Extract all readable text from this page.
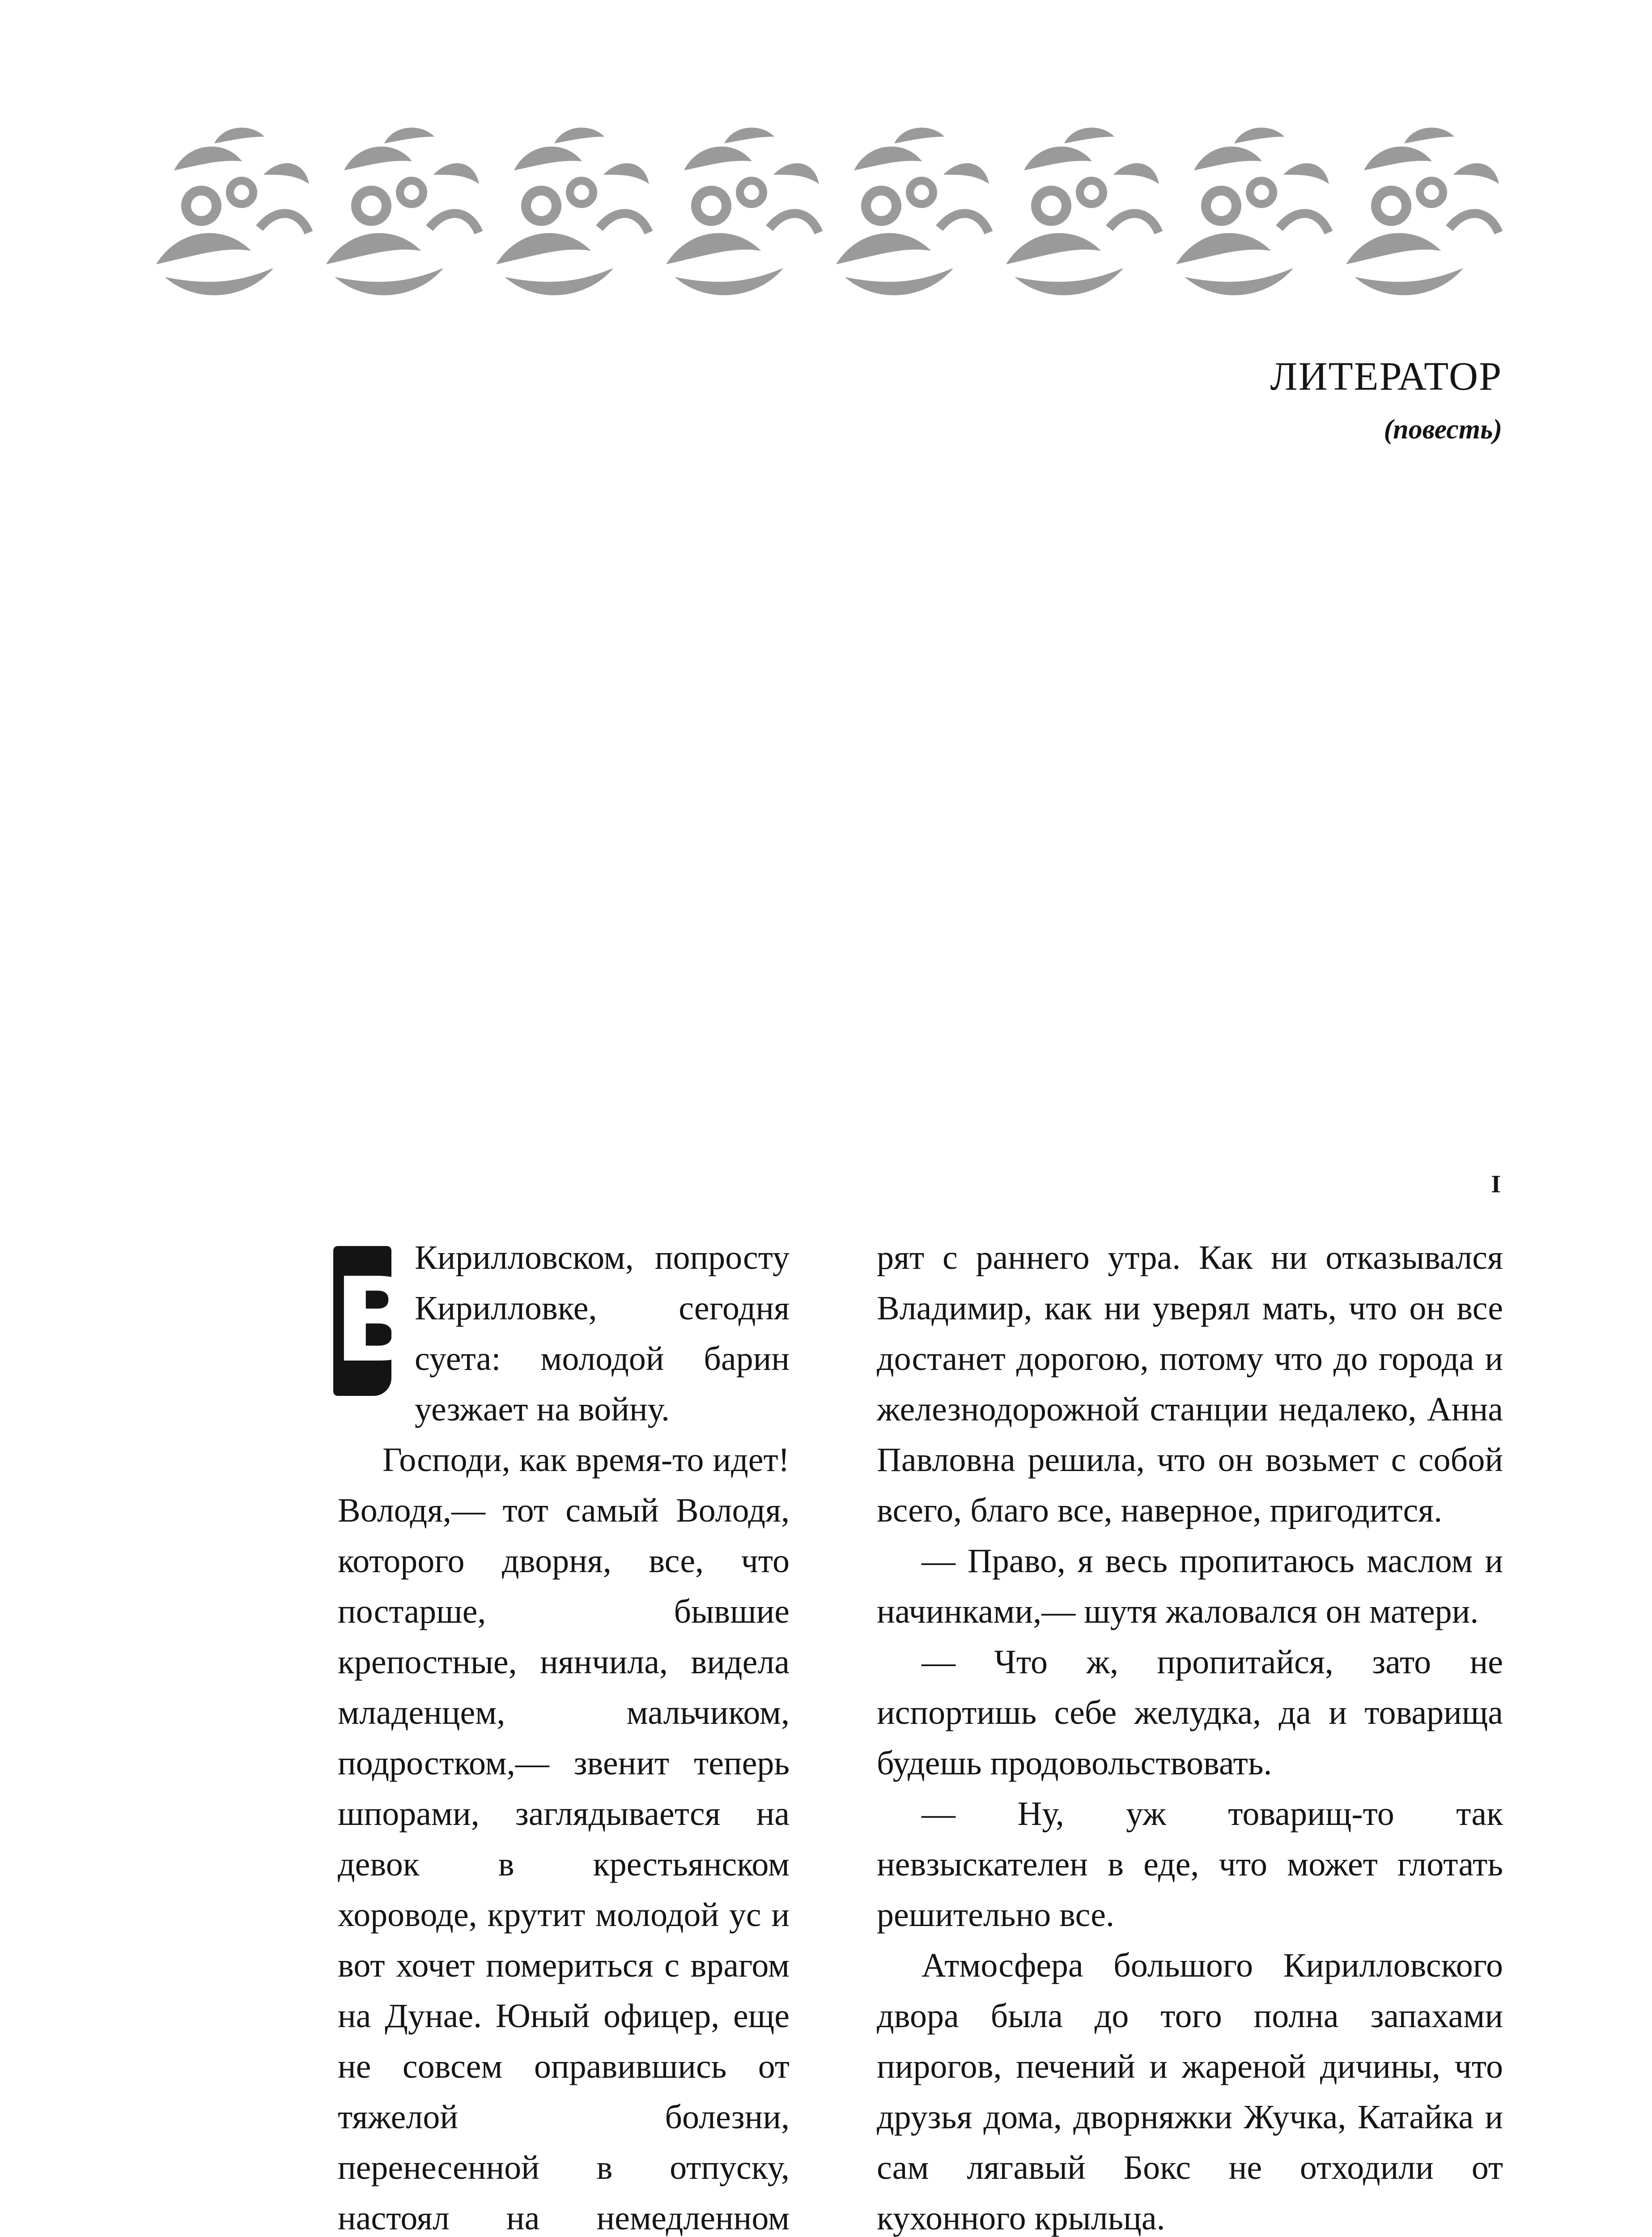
ЛИТЕРАТОР
(повесть)
I

В
Кирилловском, попросту Кирилловке, сегодня суета: молодой барин уезжает на войну.

Господи, как время-то идет! Володя,— тот самый Володя, которого дворня, все, что постарше, бывшие крепостные, нянчила, видела младенцем, мальчиком, подростком,— звенит теперь шпорами, заглядывается на девок в крестьянском хороводе, крутит молодой ус и вот хочет помериться с врагом на Дунае. Юный офицер, еще не совсем оправившись от тяжелой болезни, перенесенной в отпуску, настоял на немедленном

рят с раннего утра. Как ни отказывался Владимир, как ни уверял мать, что он все достанет дорогою, потому что до города и железнодорожной станции недалеко, Анна Павловна решила, что он возьмет с собой всего, благо все, наверное, пригодится.

— Право, я весь пропитаюсь маслом и начинками,— шутя жаловался он матери.

— Что ж, пропитайся, зато не испортишь себе желудка, да и товарища будешь продовольствовать.

— Ну, уж товарищ-то так невзыскателен в еде, что может глотать решительно все.

Атмосфера большого Кирилловского двора была до того полна запахами пирогов, печений и жареной дичины, что друзья дома, дворняжки Жучка, Катайка и сам лягавый Бокс не отходили от кухонного крыльца.
